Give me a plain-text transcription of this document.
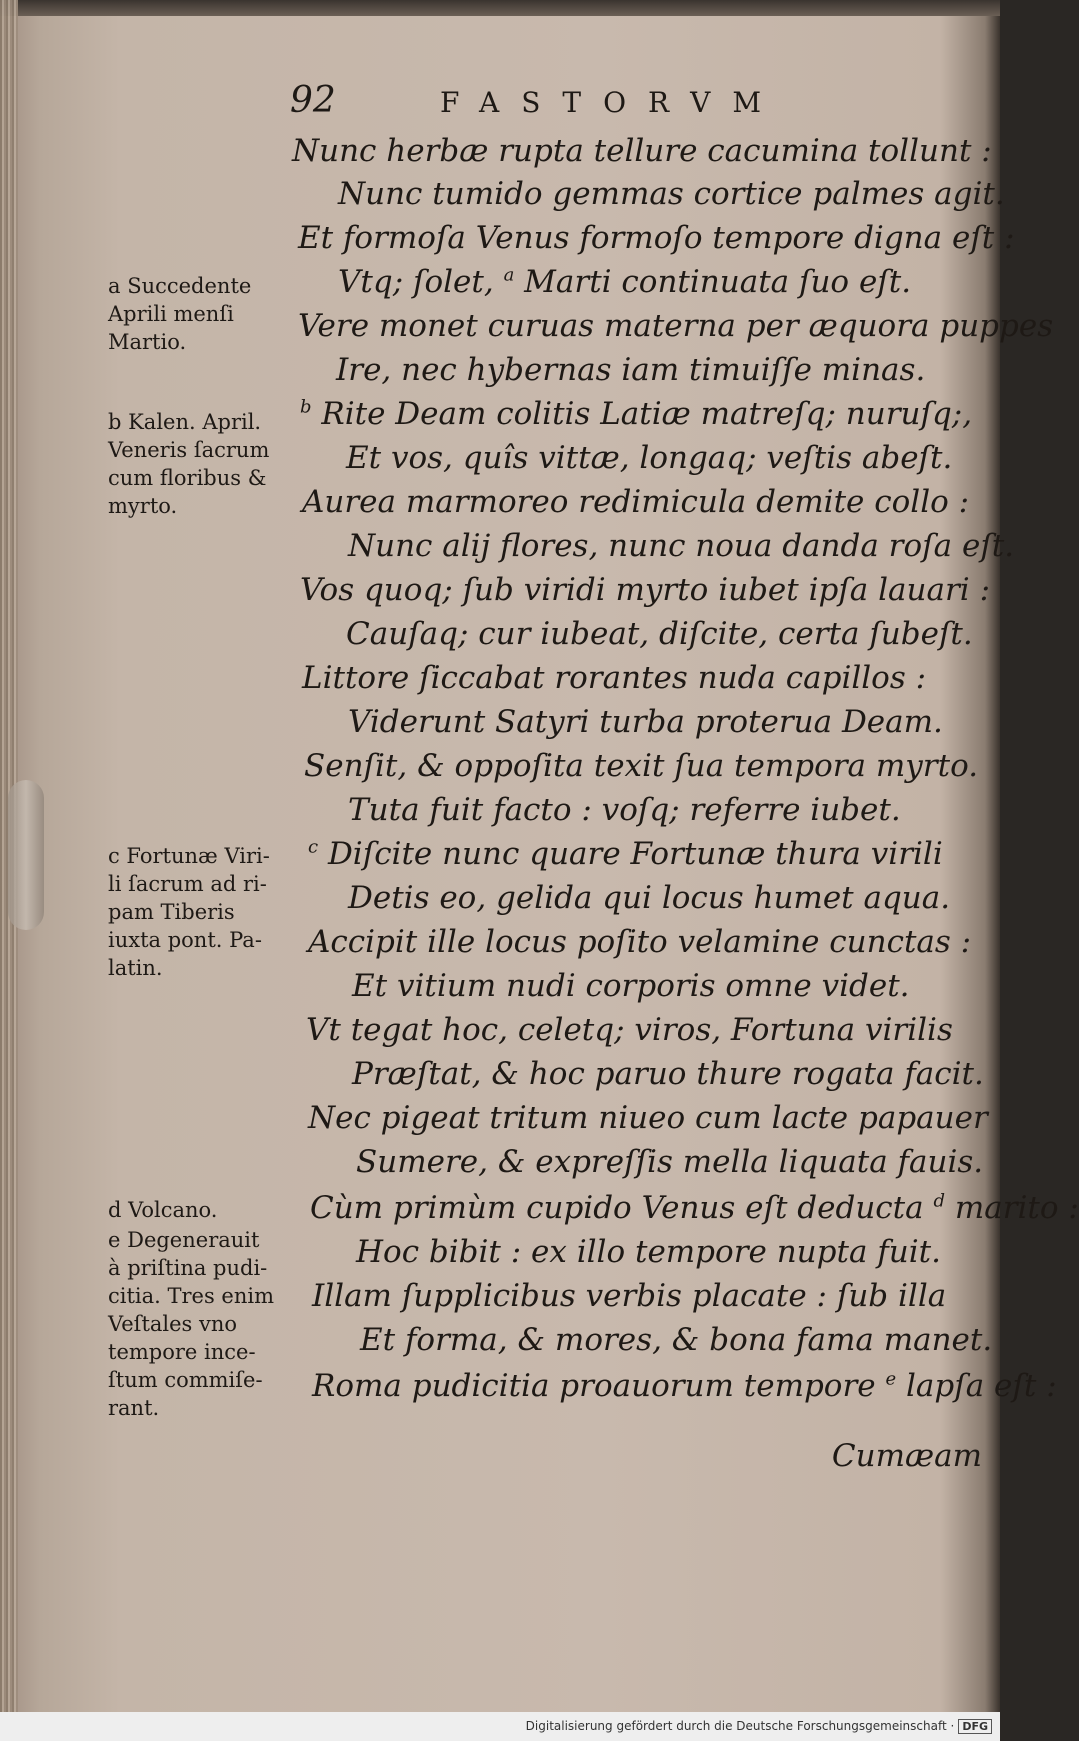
92	FASTORVM
Nunc herbæ rupta tellure cacumina tollunt :
Nunc tumido gemmas cortice palmes agit.
Et formoſa Venus formoſo tempore digna eſt :
Vtq; ſolet, $^a$ Marti continuata ſuo eſt.
Vere monet curuas materna per æquora puppes
Ire, nec hybernas iam timuiſſe minas.
$^b$ Rite Deam colitis Latiæ matreſq; nuruſq;,
Et vos, quîs vittæ, longaq; veſtis abeſt.
Aurea marmoreo redimicula demite collo :
Nunc alij flores, nunc noua danda roſa eſt.
Vos quoq; ſub viridi myrto iubet ipſa lauari :
Cauſaq; cur iubeat, diſcite, certa ſubeſt.
Littore ſiccabat rorantes nuda capillos :
Viderunt Satyri turba proterua Deam.
Senſit, & oppoſita texit ſua tempora myrto.
Tuta fuit facto : voſq; referre iubet.
$^c$ Diſcite nunc quare Fortunæ thura virili
Detis eo, gelida qui locus humet aqua.
Accipit ille locus poſito velamine cunctas :
Et vitium nudi corporis omne videt.
Vt tegat hoc, celetq; viros, Fortuna virilis
Præſtat, & hoc paruo thure rogata facit.
Nec pigeat tritum niueo cum lacte papauer
Sumere, & expreſſis mella liquata fauis.
Cùm primùm cupido Venus eſt deducta $^d$ marito :
Hoc bibit : ex illo tempore nupta fuit.
Illam ſupplicibus verbis placate : ſub illa
Et forma, & mores, & bona fama manet.
Roma pudicitia proauorum tempore $^e$ lapſa eſt :
Cumæam
a Succedente
Aprili menſi
Martio.
b Kalen. April.
Veneris ſacrum
cum floribus &
myrto.
c Fortunæ Viri-
li ſacrum ad ri-
pam Tiberis
iuxta pont. Pa-
latin.
d Volcano.
e Degenerauit
à priſtina pudi-
citia. Tres enim
Veſtales vno
tempore ince-
ſtum commiſe-
rant.
Digitalisierung gefördert durch die Deutsche Forschungsgemeinschaft · DFG
